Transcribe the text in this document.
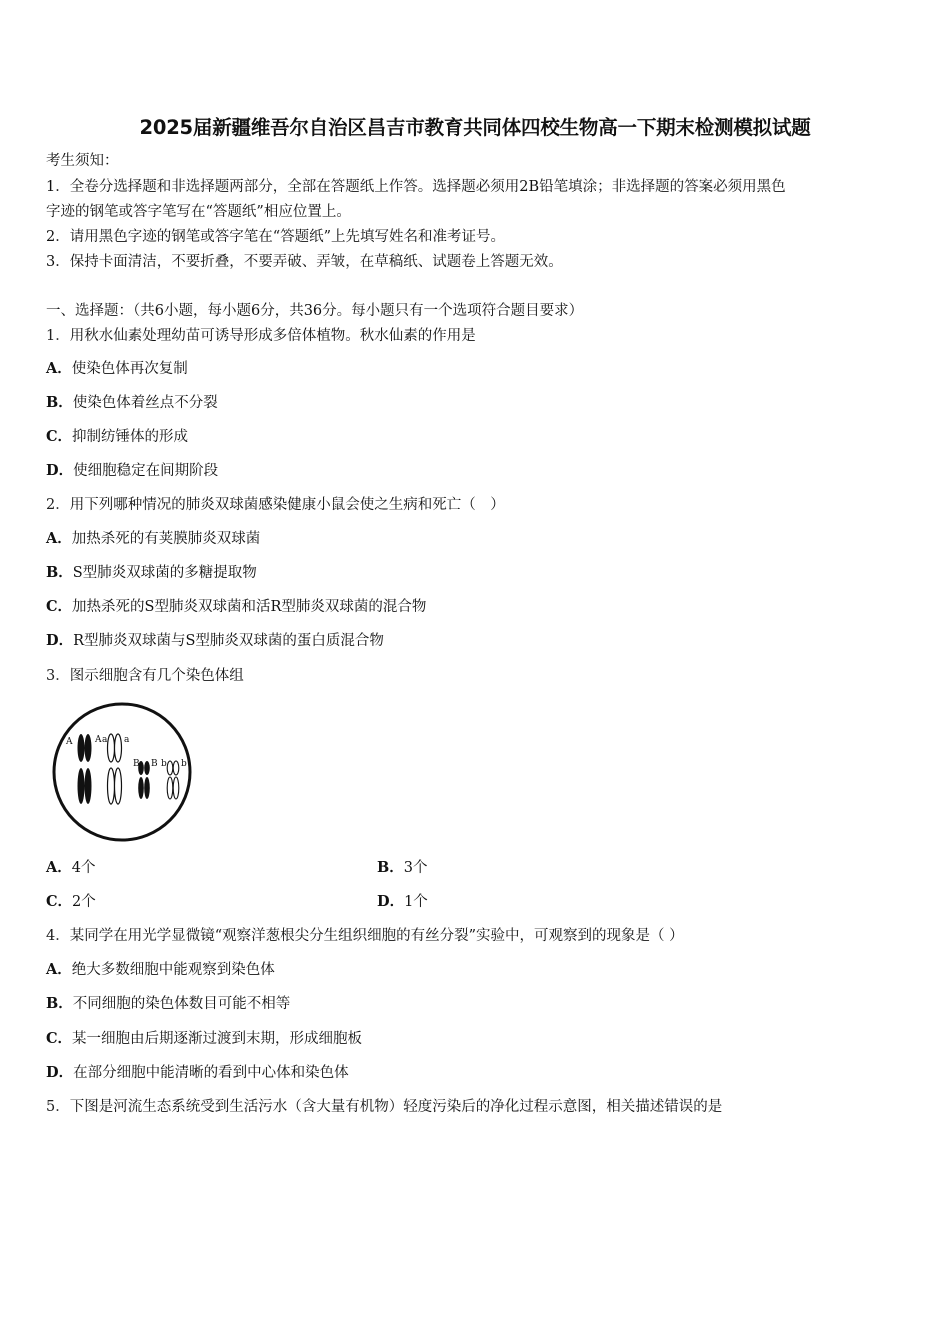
2025届新疆维吾尔自治区昌吉市教育共同体四校生物高一下期末检测模拟试题
考生须知：
1．全卷分选择题和非选择题两部分，全部在答题纸上作答。选择题必须用2B铅笔填涂；非选择题的答案必须用黑色
字迹的钢笔或答字笔写在“答题纸”相应位置上。
2．请用黑色字迹的钢笔或答字笔在“答题纸”上先填写姓名和准考证号。
3．保持卡面清洁，不要折叠，不要弄破、弄皱，在草稿纸、试题卷上答题无效。
一、选择题：（共6小题，每小题6分，共36分。每小题只有一个选项符合题目要求）
1．用秋水仙素处理幼苗可诱导形成多倍体植物。秋水仙素的作用是
A．使染色体再次复制
B．使染色体着丝点不分裂
C．抑制纺锤体的形成
D．使细胞稳定在间期阶段
2．用下列哪种情况的肺炎双球菌感染健康小鼠会使之生病和死亡（　）
A．加热杀死的有荚膜肺炎双球菌
B．S型肺炎双球菌的多糖提取物
C．加热杀死的S型肺炎双球菌和活R型肺炎双球菌的混合物
D．R型肺炎双球菌与S型肺炎双球菌的蛋白质混合物
3．图示细胞含有几个染色体组
A	A a a
B B b b
A．4个	B．3个
C．2个	D．1个
4．某同学在用光学显微镜“观察洋葱根尖分生组织细胞的有丝分裂”实验中，可观察到的现象是（ ）
A．绝大多数细胞中能观察到染色体
B．不同细胞的染色体数目可能不相等
C．某一细胞由后期逐渐过渡到末期，形成细胞板
D．在部分细胞中能清晰的看到中心体和染色体
5．下图是河流生态系统受到生活污水（含大量有机物）轻度污染后的净化过程示意图，相关描述错误的是
